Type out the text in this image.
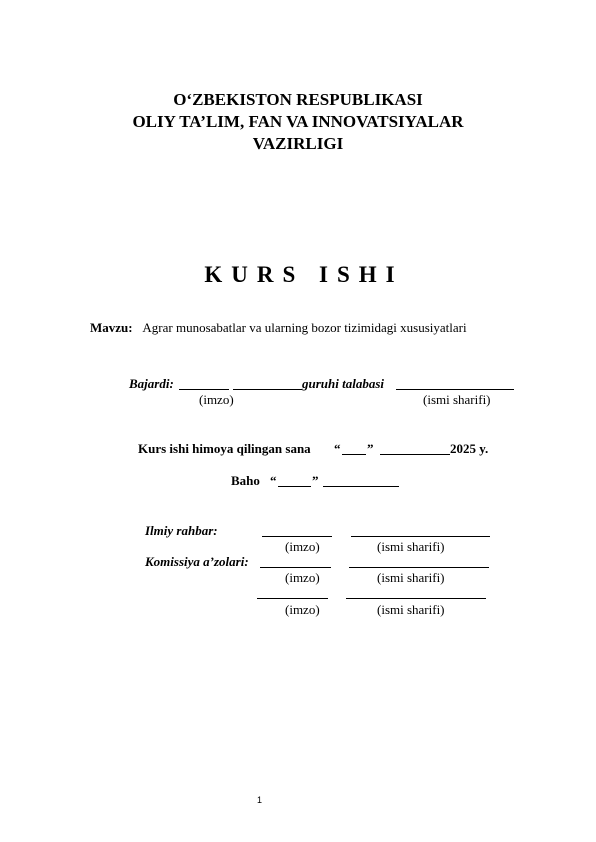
O‘ZBEKISTON RESPUBLIKASI
OLIY TA’LIM, FAN VA INNOVATSIYALAR
VAZIRLIGI
KURS ISHI
Mavzu: Agrar munosabatlar va ularning bozor tizimidagi xususiyatlari
Bajardi:	guruhi talabasi
(imzo)	(ismi sharifi)
Kurs ishi himoya qilingan sana “ ”	2025 y.
Baho “	”
Ilmiy rahbar:
(imzo)	(ismi sharifi)
Komissiya a’zolari:
(imzo)	(ismi sharifi)
(imzo)	(ismi sharifi)
1
